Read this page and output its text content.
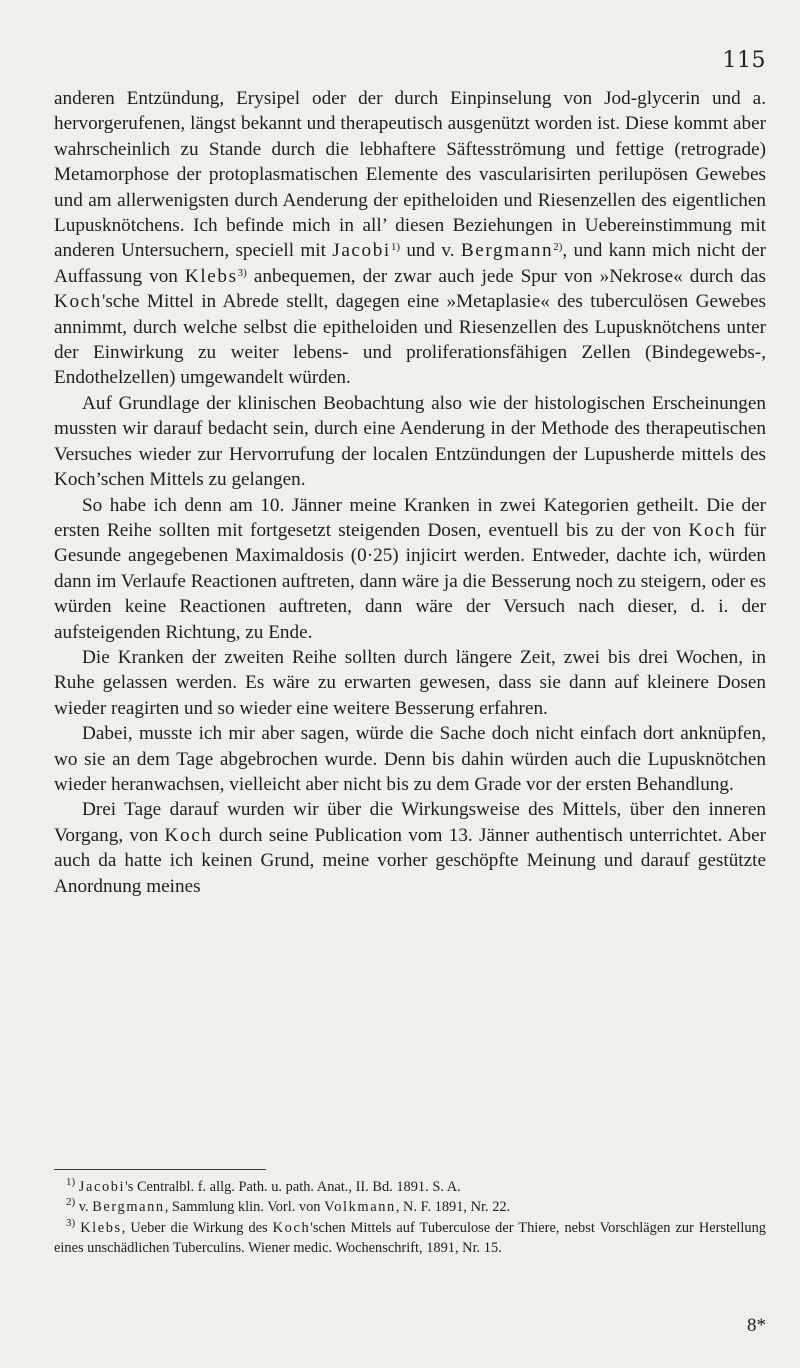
115

anderen Entzündung, Erysipel oder der durch Einpinselung von Jod-glycerin und a. hervorgerufenen, längst bekannt und therapeutisch ausgenützt worden ist. Diese kommt aber wahrscheinlich zu Stande durch die lebhaftere Säftesströmung und fettige (retrograde) Metamorphose der protoplasmatischen Elemente des vascularisirten perilupösen Gewebes und am allerwenigsten durch Aenderung der epitheloiden und Riesenzellen des eigentlichen Lupusknötchens. Ich befinde mich in all’ diesen Beziehungen in Uebereinstimmung mit anderen Untersuchern, speciell mit Jacobi$^{1)}$ und v. Bergmann$^{2)}$, und kann mich nicht der Auffassung von Klebs$^{3)}$ anbequemen, der zwar auch jede Spur von »Nekrose« durch das Koch'sche Mittel in Abrede stellt, dagegen eine »Metaplasie« des tuberculösen Gewebes annimmt, durch welche selbst die epitheloiden und Riesenzellen des Lupusknötchens unter der Einwirkung zu weiter lebens- und proliferationsfähigen Zellen (Bindegewebs-, Endothelzellen) umgewandelt würden.

Auf Grundlage der klinischen Beobachtung also wie der histologischen Erscheinungen mussten wir darauf bedacht sein, durch eine Aenderung in der Methode des therapeutischen Versuches wieder zur Hervorrufung der localen Entzündungen der Lupusherde mittels des Koch’schen Mittels zu gelangen.

So habe ich denn am 10. Jänner meine Kranken in zwei Kategorien getheilt. Die der ersten Reihe sollten mit fortgesetzt steigenden Dosen, eventuell bis zu der von Koch für Gesunde angegebenen Maximaldosis (0·25) injicirt werden. Entweder, dachte ich, würden dann im Verlaufe Reactionen auftreten, dann wäre ja die Besserung noch zu steigern, oder es würden keine Reactionen auftreten, dann wäre der Versuch nach dieser, d. i. der aufsteigenden Richtung, zu Ende.

Die Kranken der zweiten Reihe sollten durch längere Zeit, zwei bis drei Wochen, in Ruhe gelassen werden. Es wäre zu erwarten gewesen, dass sie dann auf kleinere Dosen wieder reagirten und so wieder eine weitere Besserung erfahren.

Dabei, musste ich mir aber sagen, würde die Sache doch nicht einfach dort anknüpfen, wo sie an dem Tage abgebrochen wurde. Denn bis dahin würden auch die Lupusknötchen wieder heranwachsen, vielleicht aber nicht bis zu dem Grade vor der ersten Behandlung.

Drei Tage darauf wurden wir über die Wirkungsweise des Mittels, über den inneren Vorgang, von Koch durch seine Publication vom 13. Jänner authentisch unterrichtet. Aber auch da hatte ich keinen Grund, meine vorher geschöpfte Meinung und darauf gestützte Anordnung meines

$^{1)}$ Jacobi's Centralbl. f. allg. Path. u. path. Anat., II. Bd. 1891. S. A.

$^{2)}$ v. Bergmann, Sammlung klin. Vorl. von Volkmann, N. F. 1891, Nr. 22.

$^{3)}$ Klebs, Ueber die Wirkung des Koch'schen Mittels auf Tuberculose der Thiere, nebst Vorschlägen zur Herstellung eines unschädlichen Tuberculins. Wiener medic. Wochenschrift, 1891, Nr. 15.

8*
